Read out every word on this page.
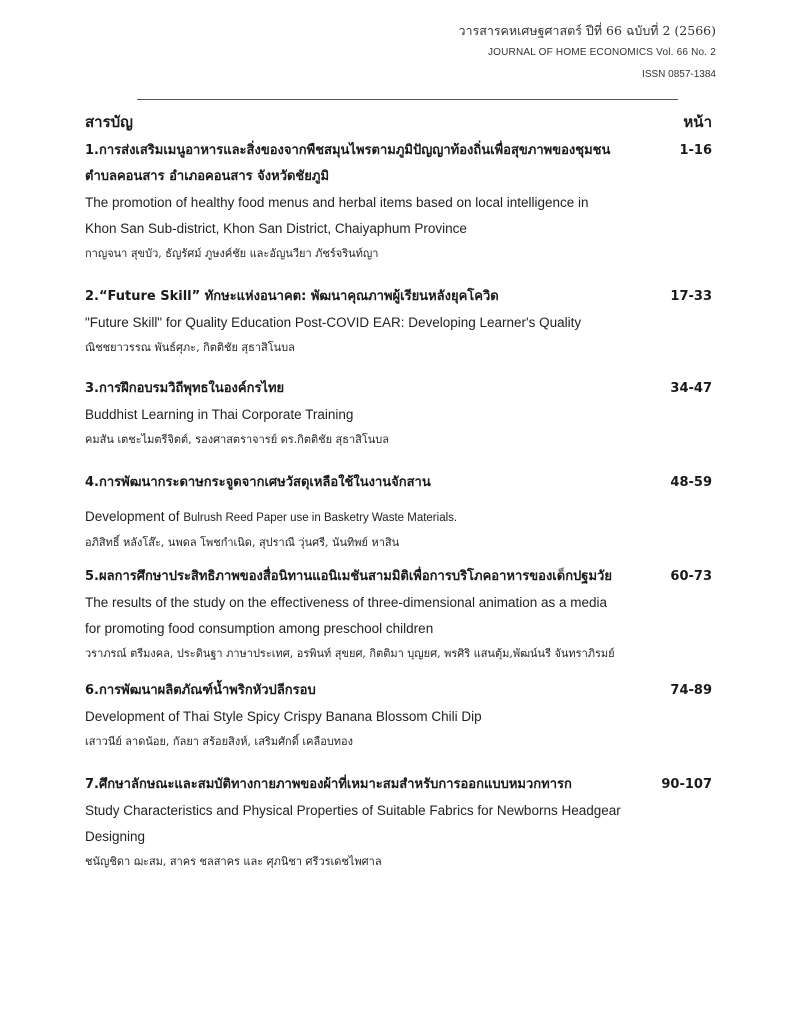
วารสารคหเศษฐศาสตร์ ปีที่ 66 ฉบับที่ 2 (2566)
JOURNAL OF HOME ECONOMICS Vol. 66 No. 2
ISSN 0857-1384
สารบัญ	หน้า
1.การส่งเสริมเมนูอาหารและสิ่งของจากพืชสมุนไพรตามภูมิปัญญาท้องถิ่นเพื่อสุขภาพของชุมชน	1-16
ตำบลคอนสาร อำเภอคอนสาร จังหวัดชัยภูมิ
The promotion of healthy food menus and herbal items based on local intelligence in
Khon San Sub-district, Khon San District, Chaiyaphum Province
กาญจนา สุขบัว, ธัญรัศม์ ภูษงค์ชัย และอัญนวียา ภัชร์จรินท์ญา
2.“Future Skill” ทักษะแห่งอนาคต: พัฒนาคุณภาพผู้เรียนหลังยุคโควิด	17-33
"Future Skill" for Quality Education Post-COVID EAR: Developing Learner's Quality
ณิชชยาวรรณ พันธ์ศุภะ, กิตติชัย สุธาสิโนบล
3.การฝึกอบรมวิถีพุทธในองค์กรไทย	34-47
Buddhist Learning in Thai Corporate Training
คมสัน เตชะไมตรีจิตต์, รองศาสตราจารย์ ดร.กิตติชัย สุธาสิโนบล
4.การพัฒนากระดาษกระจูดจากเศษวัสดุเหลือใช้ในงานจักสาน	48-59
Development of Bulrush Reed Paper use in Basketry Waste Materials.
อภิสิทธิ์ หลังโส๊ะ, นพดล โพชกำเนิด, สุปราณี วุ่นศรี, นันทิพย์ หาสิน
5.ผลการศึกษาประสิทธิภาพของสื่อนิทานแอนิเมชันสามมิติเพื่อการบริโภคอาหารของเด็กปฐมวัย	60-73
The results of the study on the effectiveness of three-dimensional animation as a media
for promoting food consumption among preschool children
วราภรณ์ ตรีมงคล, ประดินฐา ภาษาประเทศ, อรพินท์ สุขยศ, กิตติมา บุญยศ, พรศิริ แสนตุ้ม,พัฒน์นรี จันทราภิรมย์
6.การพัฒนาผลิตภัณฑ์น้ำพริกหัวปลีกรอบ	74-89
Development of Thai Style Spicy Crispy Banana Blossom Chili Dip
เสาวนีย์ ลาดน้อย, กัลยา สร้อยสิงห์, เสริมศักดิ์ เคลือบทอง
7.ศึกษาลักษณะและสมบัติทางกายภาพของผ้าที่เหมาะสมสำหรับการออกแบบหมวกทารก	90-107
Study Characteristics and Physical Properties of Suitable Fabrics for Newborns Headgear
Designing
ชนัญชิดา ฌะสม, สาคร ชลสาคร และ ศุภนิชา ศรีวรเดชไพศาล
